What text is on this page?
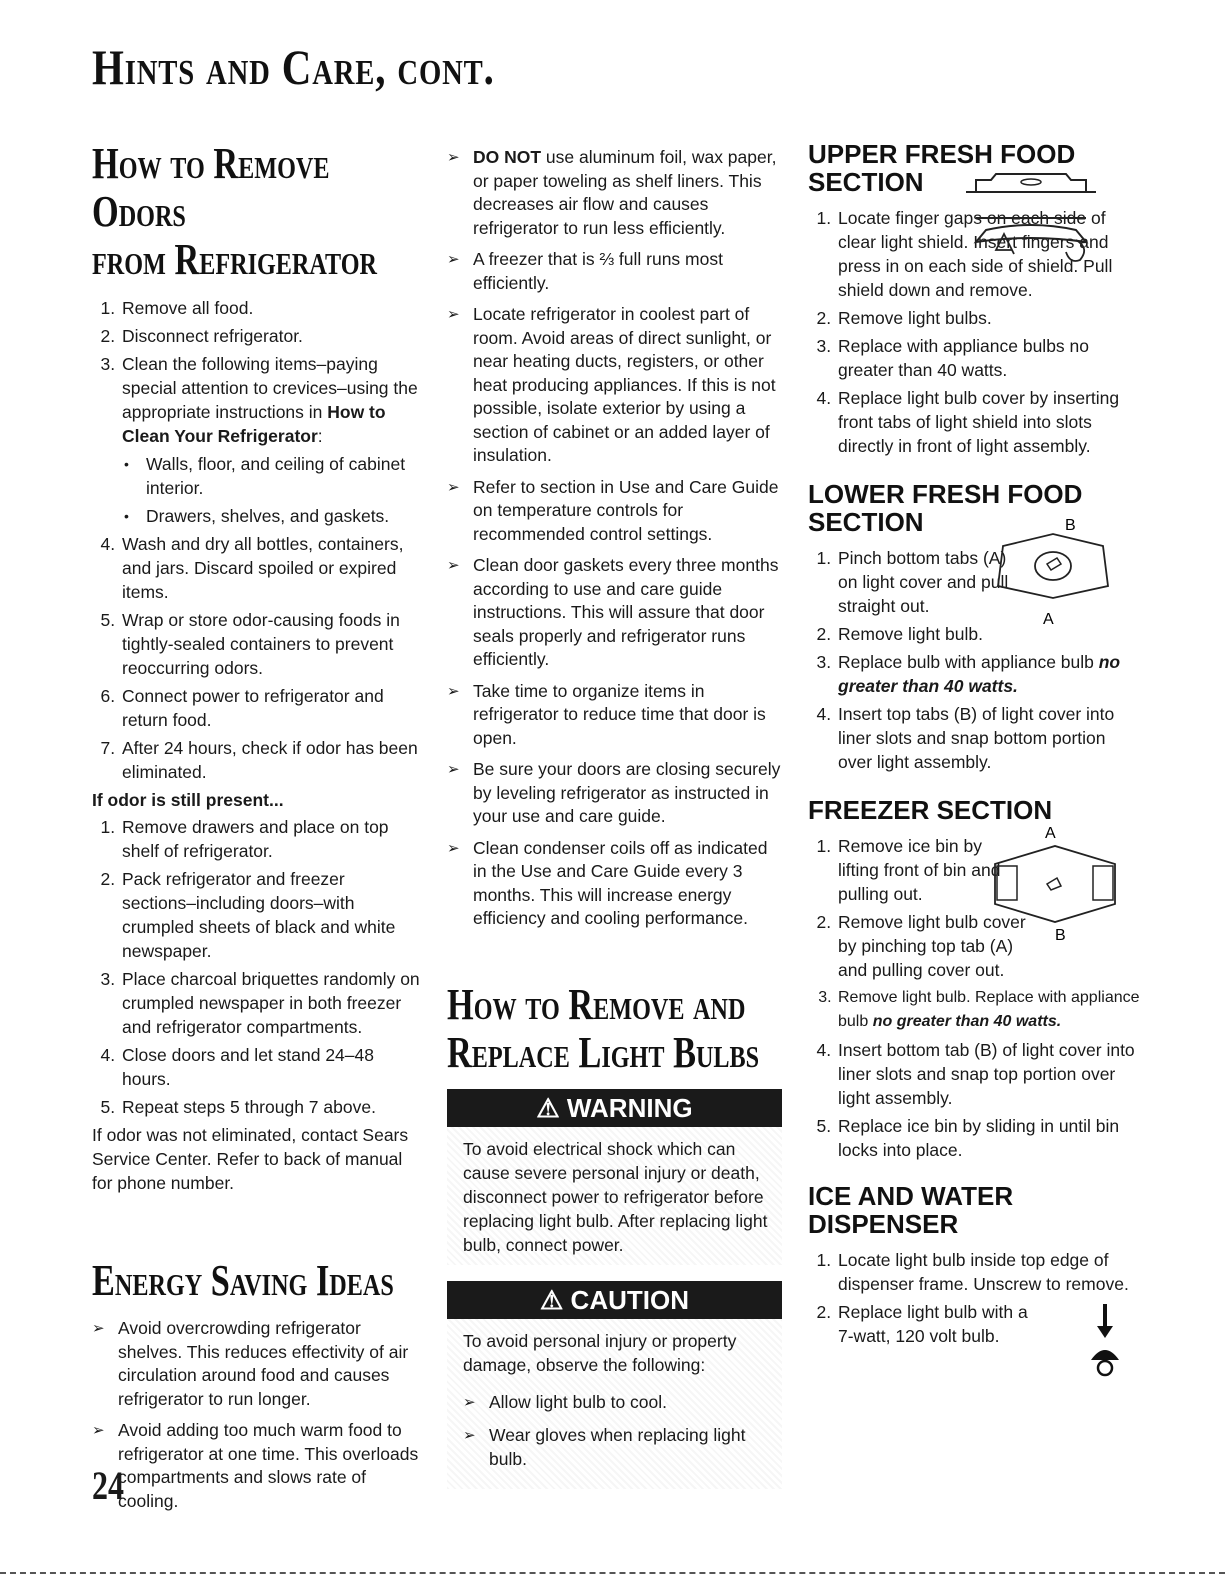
Hints and Care, cont.
How to Remove Odors
from Refrigerator
1. Remove all food.
2. Disconnect refrigerator.
3. Clean the following items–paying special attention to crevices–using the appropriate instructions in How to Clean Your Refrigerator:
• Walls, floor, and ceiling of cabinet interior.
• Drawers, shelves, and gaskets.
4. Wash and dry all bottles, containers, and jars. Discard spoiled or expired items.
5. Wrap or store odor-causing foods in tightly-sealed containers to prevent reoccurring odors.
6. Connect power to refrigerator and return food.
7. After 24 hours, check if odor has been eliminated.
If odor is still present...
1. Remove drawers and place on top shelf of refrigerator.
2. Pack refrigerator and freezer sections–including doors–with crumpled sheets of black and white newspaper.
3. Place charcoal briquettes randomly on crumpled newspaper in both freezer and refrigerator compartments.
4. Close doors and let stand 24–48 hours.
5. Repeat steps 5 through 7 above.

If odor was not eliminated, contact Sears Service Center. Refer to back of manual for phone number.

Energy Saving Ideas
➢ Avoid overcrowding refrigerator shelves. This reduces effectivity of air circulation around food and causes refrigerator to run longer.
➢ Avoid adding too much warm food to refrigerator at one time. This overloads compartments and slows rate of cooling.
➢ DO NOT use aluminum foil, wax paper, or paper toweling as shelf liners. This decreases air flow and causes refrigerator to run less efficiently.
➢ A freezer that is ⅔ full runs most efficiently.
➢ Locate refrigerator in coolest part of room. Avoid areas of direct sunlight, or near heating ducts, registers, or other heat producing appliances. If this is not possible, isolate exterior by using a section of cabinet or an added layer of insulation.
➢ Refer to section in Use and Care Guide on temperature controls for recommended control settings.
➢ Clean door gaskets every three months according to use and care guide instructions. This will assure that door seals properly and refrigerator runs efficiently.
➢ Take time to organize items in refrigerator to reduce time that door is open.
➢ Be sure your doors are closing securely by leveling refrigerator as instructed in your use and care guide.
➢ Clean condenser coils off as indicated in the Use and Care Guide every 3 months. This will increase energy efficiency and cooling performance.
How to Remove and
Replace Light Bulbs
⚠ WARNING

To avoid electrical shock which can cause severe personal injury or death, disconnect power to refrigerator before replacing light bulb. After replacing light bulb, connect power.

⚠ CAUTION

To avoid personal injury or property damage, observe the following:

➢ Allow light bulb to cool.
➢ Wear gloves when replacing light bulb.
UPPER FRESH FOOD
SECTION
1. Locate finger gaps on each side of clear light shield. Insert fingers and press in on each side of shield. Pull shield down and remove.
2. Remove light bulbs.
3. Replace with appliance bulbs no greater than 40 watts.
4. Replace light bulb cover by inserting front tabs of light shield into slots directly in front of light assembly.
LOWER FRESH FOOD
SECTION	B
A
1. Pinch bottom tabs (A) on light cover and pull straight out.
2. Remove light bulb.
3. Replace bulb with appliance bulb no greater than 40 watts.
4. Insert top tabs (B) of light cover into liner slots and snap bottom portion over light assembly.
FREEZER SECTION
A
B
1. Remove ice bin by lifting front of bin and pulling out.
2. Remove light bulb cover by pinching top tab (A) and pulling cover out.
3. Remove light bulb. Replace with appliance bulb no greater than 40 watts.
4. Insert bottom tab (B) of light cover into liner slots and snap top portion over light assembly.
5. Replace ice bin by sliding in until bin locks into place.
ICE AND WATER
DISPENSER
1. Locate light bulb inside top edge of dispenser frame. Unscrew to remove.
2. Replace light bulb with a 7-watt, 120 volt bulb.
24
